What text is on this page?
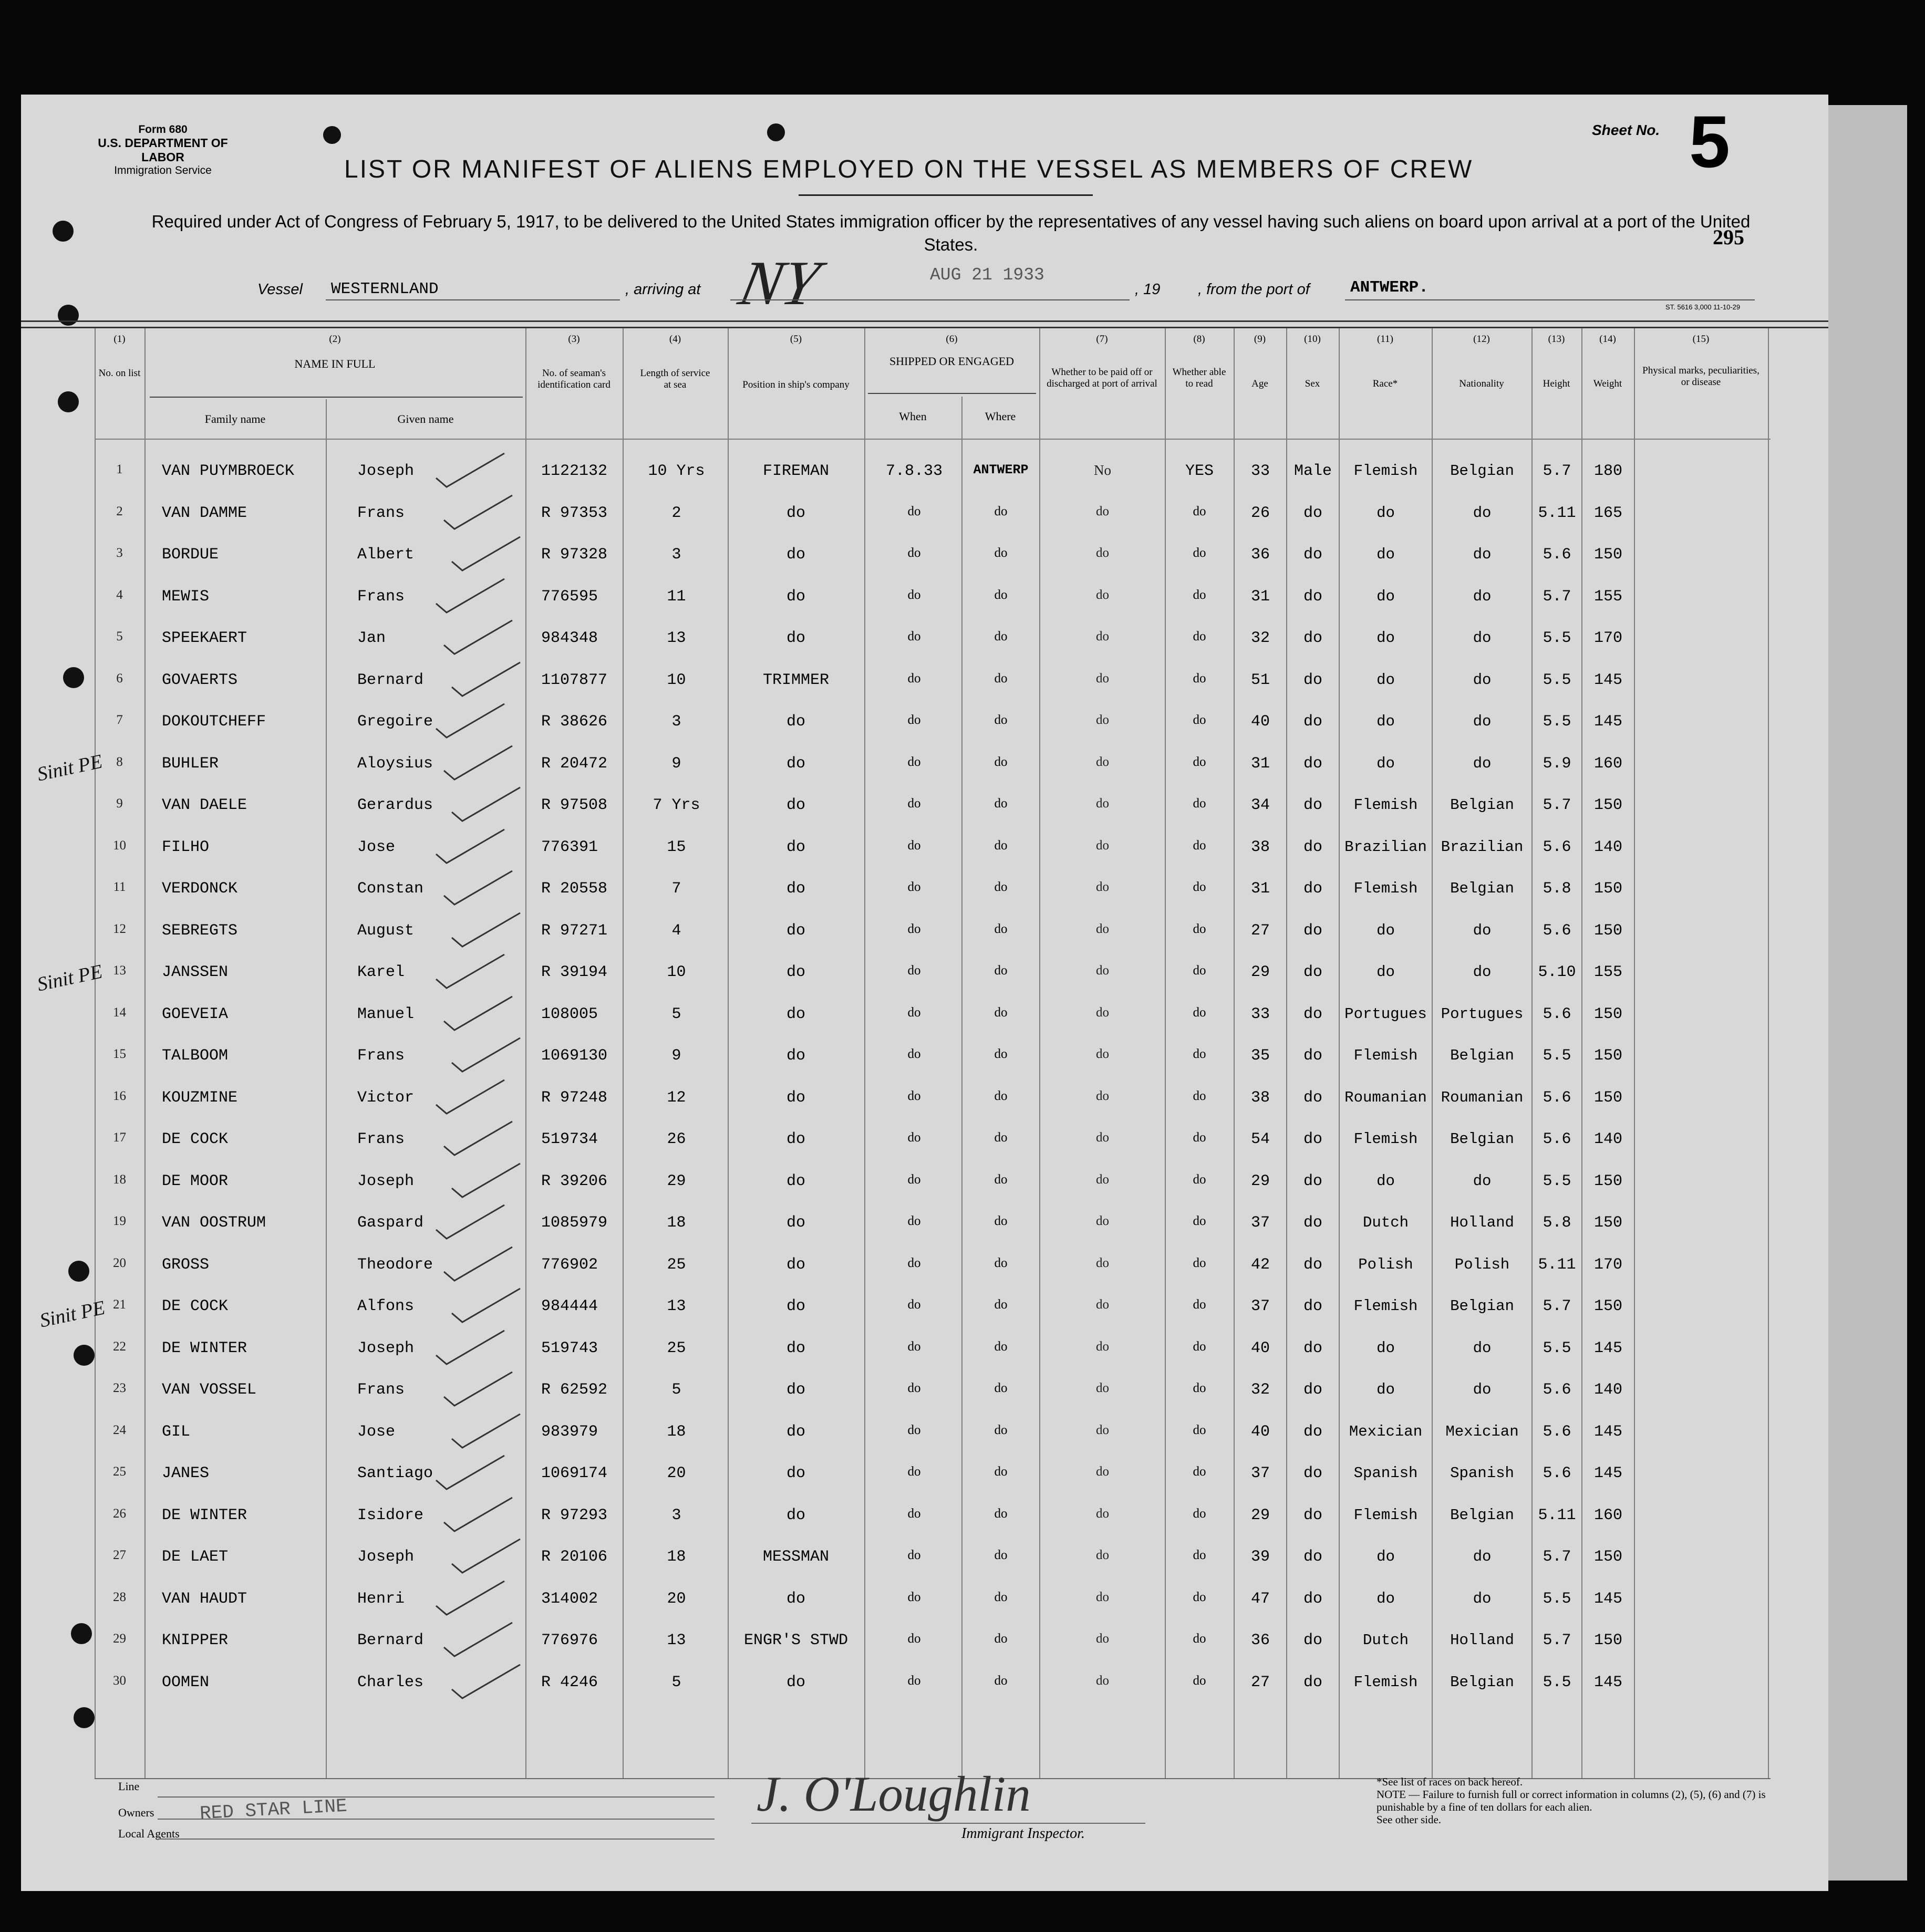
Form 680
U.S. DEPARTMENT OF LABOR
Immigration Service	LIST OR MANIFEST OF ALIENS EMPLOYED ON THE VESSEL AS MEMBERS OF CREW
Sheet No. 5
295
Required under Act of Congress of February 5, 1917, to be delivered to the United States immigration officer by the representatives of any vessel having such aliens on board upon arrival at a port of the United States.
Vessel WESTERNLAND	, arriving at NY	AUG 21 1933
, 19 , from the port of ANTWERP.
ST. 5616 3,000 11-10-29
(1)	(2)	(3)	(4)	(5)	(6)	(7)	(8)	(9)	(10)	(11)	(12)	(13)	(14)	(15)
No. on list
NAME IN FULL
Family name	Given name
No. of seaman's identification card
Length of service at sea	Position in ship's company
SHIPPED OR ENGAGED
When	Where
Whether to be paid off or discharged at port of arrival
Whether able to read	Age	Sex	Race*	Nationality	Height	Weight
Physical marks, peculiarities, or disease
1	VAN PUYMBROECK	Joseph	1122132	10 Yrs	FIREMAN	7.8.33	ANTWERP	No	YES	33	Male	Flemish	Belgian	5.7	180
2	VAN DAMME	Frans	R 97353	2	do	do	do	do	do	26	do	do	do	5.11	165
3	BORDUE	Albert	R 97328	3	do	do	do	do	do	36	do	do	do	5.6	150
4	MEWIS	Frans	776595	11	do	do	do	do	do	31	do	do	do	5.7	155
5	SPEEKAERT	Jan	984348	13	do	do	do	do	do	32	do	do	do	5.5	170
6	GOVAERTS	Bernard	1107877	10	TRIMMER	do	do	do	do	51	do	do	do	5.5	145
7	DOKOUTCHEFF	Gregoire	R 38626	3	do	do	do	do	do	40	do	do	do	5.5	145
8	BUHLER	Aloysius	R 20472	9	do	do	do	do	do	31	do	do	do	5.9	160
9	VAN DAELE	Gerardus	R 97508	7 Yrs	do	do	do	do	do	34	do	Flemish	Belgian	5.7	150
10	FILHO	Jose	776391	15	do	do	do	do	do	38	do	Brazilian Brazilian	5.6	140
11	VERDONCK	Constan	R 20558	7	do	do	do	do	do	31	do	Flemish	Belgian	5.8	150
12	SEBREGTS	August	R 97271	4	do	do	do	do	do	27	do	do	do	5.6	150
13	JANSSEN	Karel	R 39194	10	do	do	do	do	do	29	do	do	do	5.10	155
14	GOEVEIA	Manuel	108005	5	do	do	do	do	do	33	do	Portugues Portugues	5.6	150
15	TALBOOM	Frans	1069130	9	do	do	do	do	do	35	do	Flemish	Belgian	5.5	150
16	KOUZMINE	Victor	R 97248	12	do	do	do	do	do	38	do	Roumanian Roumanian	5.6	150
17	DE COCK	Frans	519734	26	do	do	do	do	do	54	do	Flemish	Belgian	5.6	140
18	DE MOOR	Joseph	R 39206	29	do	do	do	do	do	29	do	do	do	5.5	150
19	VAN OOSTRUM	Gaspard	1085979	18	do	do	do	do	do	37	do	Dutch	Holland	5.8	150
20	GROSS	Theodore	776902	25	do	do	do	do	do	42	do	Polish	Polish	5.11	170
21	DE COCK	Alfons	984444	13	do	do	do	do	do	37	do	Flemish	Belgian	5.7	150
22	DE WINTER	Joseph	519743	25	do	do	do	do	do	40	do	do	do	5.5	145
23	VAN VOSSEL	Frans	R 62592	5	do	do	do	do	do	32	do	do	do	5.6	140
24	GIL	Jose	983979	18	do	do	do	do	do	40	do	Mexician	Mexician	5.6	145
25	JANES	Santiago	1069174	20	do	do	do	do	do	37	do	Spanish	Spanish	5.6	145
26	DE WINTER	Isidore	R 97293	3	do	do	do	do	do	29	do	Flemish	Belgian	5.11	160
27	DE LAET	Joseph	R 20106	18	MESSMAN	do	do	do	do	39	do	do	do	5.7	150
28	VAN HAUDT	Henri	314002	20	do	do	do	do	do	47	do	do	do	5.5	145
29	KNIPPER	Bernard	776976	13	ENGR'S STWD	do	do	do	do	36	do	Dutch	Holland	5.7	150
30	OOMEN	Charles	R 4246	5	do	do	do	do	do	27	do	Flemish	Belgian	5.5	145
Sinit PE
Sinit PE
Sinit PE
Line
Owners
Local Agents
RED STAR LINE	J. O'Loughlin
Immigrant Inspector.
*See list of races on back hereof.
NOTE — Failure to furnish full or correct information in columns (2), (5), (6) and (7) is punishable by a fine of ten dollars for each alien.
See other side.
